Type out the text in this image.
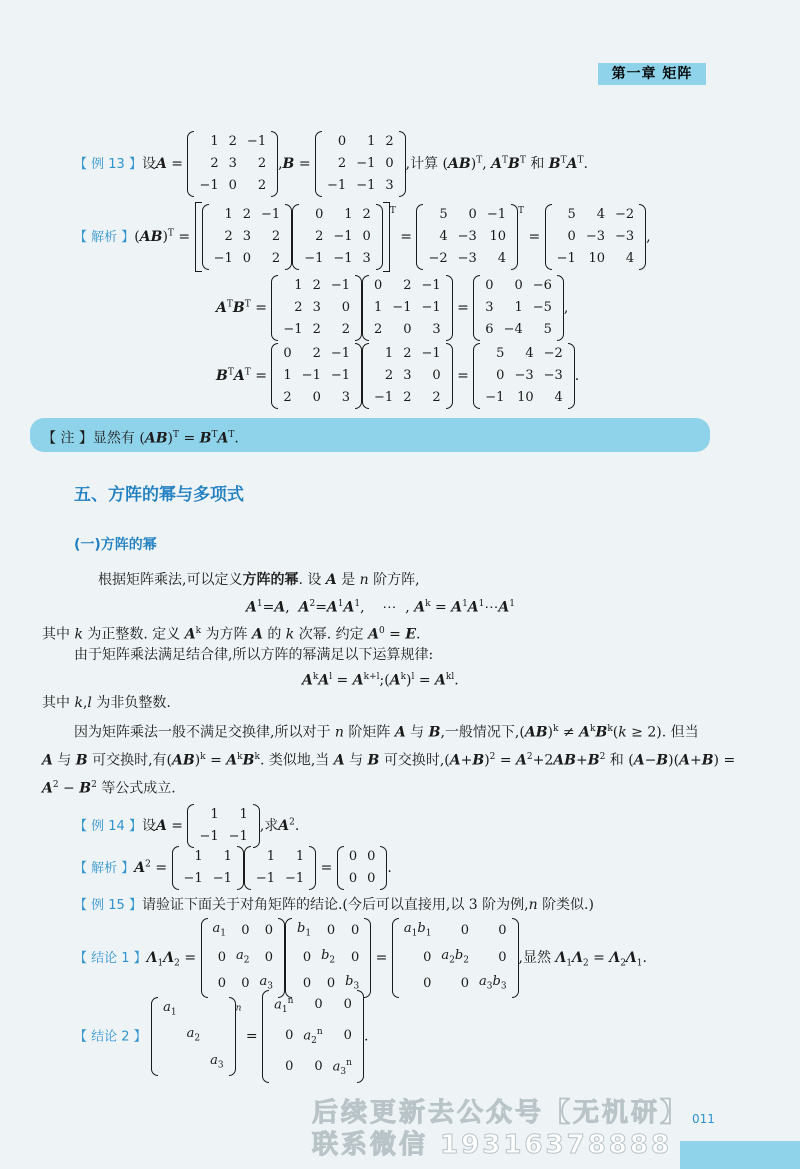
第一章 矩阵
【 例 13 】设A =
1	2	−1
2	3	2
−1	0	2
,B =
0	1	2
2	−1	0
−1	−1	3
,计算 (AB)$^T$, $A^TB^T$ 和 $B^TA^T$.
【 解析 】(AB)$^T$ =
1	2	−1
2	3	2
−1	0	2
0	1	2
2	−1	0
−1	−1	3
$^T$ =
5	0	−1
4	−3	10
−2	−3	4
$^T$ =
5	4	−2
0	−3	−3
−1	10	4
,
$A^TB^T$ =
1	2	−1
2	3	0
−1	2	2
0	2	−1
1	−1	−1
2	0	3
=
0	0	−6
3	1	−5
6	−4	5
,
$B^TA^T$ =
0	2	−1
1	−1	−1
2	0	3
1	2	−1
2	3	0
−1	2	2
=
5	4	−2
0	−3	−3
−1	10	4
.
【 注 】显然有 $(AB)^T = B^TA^T$.
五、方阵的幂与多项式
(一)方阵的幂
根据矩阵乘法,可以定义方阵的幂. 设 A 是 n 阶方阵,
$A^1=A$,  $A^2=A^1A^1$,    ⋯  , $A^k$ = $A^1A^1\cdots A^1$
其中 k 为正整数. 定义 $A^k$ 为方阵 A 的 k 次幂. 约定 $A^0 = E$.
由于矩阵乘法满足结合律,所以方阵的幂满足以下运算规律:
$A^kA^l$ = $A^{k+l};(A^k)^l = A^{kl}$.
其中 k,l 为非负整数.
因为矩阵乘法一般不满足交换律,所以对于 n 阶矩阵 A 与 B,一般情况下$,(AB)^k \ne A^kB^k(k \ge 2)$. 但当
A 与 B 可交换时,有$(AB)^k = A^kB^k$. 类似地,当 A 与 B 可交换时$,(A+B)^2 = A^2+2AB+B^2$ 和 (A−B)(A+B) =
$A^2 - B^2$ 等公式成立.
【 例 14 】设A =
1	1
−1	−1
,求$A^2$.
【 解析 】$A^2$ =
1	1
−1	−1
1	1
−1	−1
=
0	0
0	0
.
【 例 15 】请验证下面关于对角矩阵的结论.(今后可以直接用,以 3 阶为例,n 阶类似.)
【 结论 1 】$\Lambda_1\Lambda_2$ =
$a_1$	0	0
0	$a_2$	0
0	0	$a_3$
$b_1$	0	0
0	$b_2$	0
0	0	$b_3$
=
$a_1b_1$	0	0
0	$a_2b_2$	0
0	0	$a_3b_3$
,显然 $\Lambda_1\Lambda_2 = \Lambda_2\Lambda_1$.
【 结论 2 】
$a_1$		
	$a_2$	
		$a_3$
$^n$ =
$a_1^n$	0	0
0	$a_2^n$	0
0	0	$a_3^n$
.
后续更新去公众号【无机研】
联系微信 19316378888
011
